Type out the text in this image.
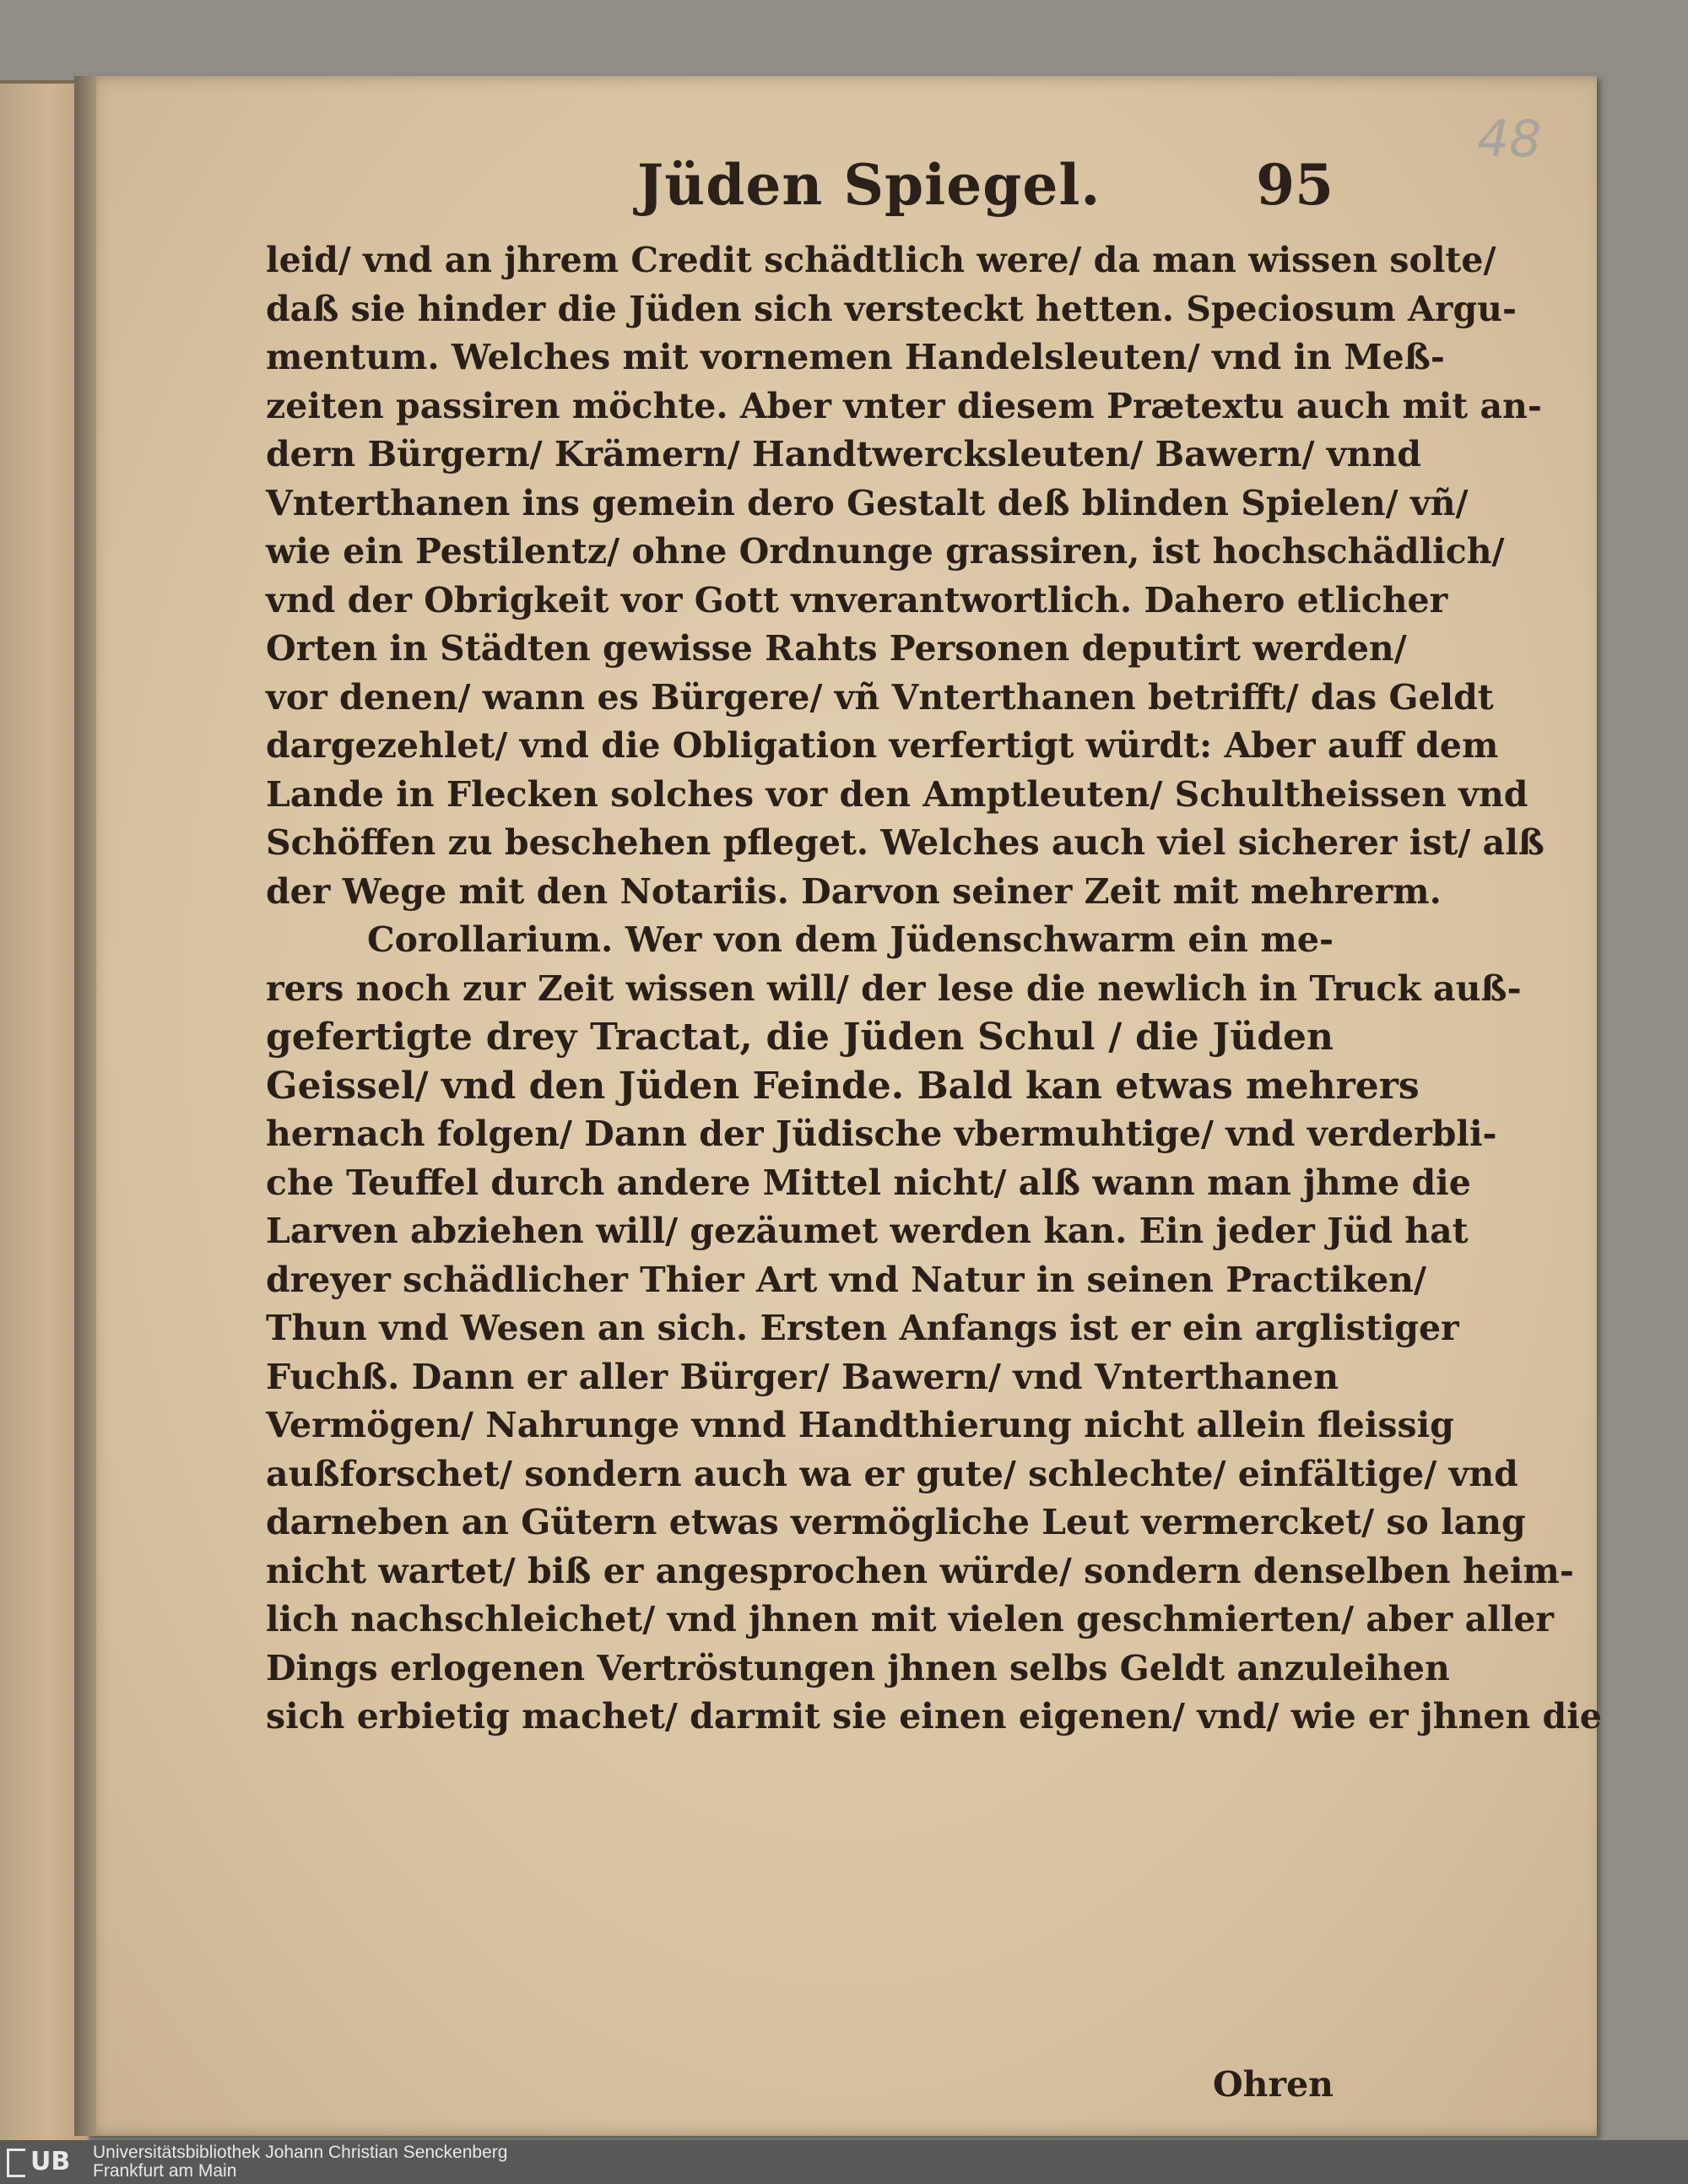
48
Jüden Spiegel.	95
leid/ vnd an jhrem Credit schädtlich were/ da man wissen solte/
daß sie hinder die Jüden sich versteckt hetten. Speciosum Argu-
mentum. Welches mit vornemen Handelsleuten/ vnd in Meß-
zeiten passiren möchte. Aber vnter diesem Prætextu auch mit an-
dern Bürgern/ Krämern/ Handtwercksleuten/ Bawern/ vnnd
Vnterthanen ins gemein dero Gestalt deß blinden Spielen/ vñ/
wie ein Pestilentz/ ohne Ordnunge grassiren, ist hochschädlich/
vnd der Obrigkeit vor Gott vnverantwortlich. Dahero etlicher
Orten in Städten gewisse Rahts Personen deputirt werden/
vor denen/ wann es Bürgere/ vñ Vnterthanen betrifft/ das Geldt
dargezehlet/ vnd die Obligation verfertigt würdt: Aber auff dem
Lande in Flecken solches vor den Amptleuten/ Schultheissen vnd
Schöffen zu beschehen pfleget. Welches auch viel sicherer ist/ alß
der Wege mit den Notariis. Darvon seiner Zeit mit mehrerm.
Corollarium. Wer von dem Jüdenschwarm ein me-
rers noch zur Zeit wissen will/ der lese die newlich in Truck auß-
gefertigte drey Tractat, die Jüden Schul / die Jüden
Geissel/ vnd den Jüden Feinde. Bald kan etwas mehrers
hernach folgen/ Dann der Jüdische vbermuhtige/ vnd verderbli-
che Teuffel durch andere Mittel nicht/ alß wann man jhme die
Larven abziehen will/ gezäumet werden kan. Ein jeder Jüd hat
dreyer schädlicher Thier Art vnd Natur in seinen Practiken/
Thun vnd Wesen an sich. Ersten Anfangs ist er ein arglistiger
Fuchß. Dann er aller Bürger/ Bawern/ vnd Vnterthanen
Vermögen/ Nahrunge vnnd Handthierung nicht allein fleissig
außforschet/ sondern auch wa er gute/ schlechte/ einfältige/ vnd
darneben an Gütern etwas vermögliche Leut vermercket/ so lang
nicht wartet/ biß er angesprochen würde/ sondern denselben heim-
lich nachschleichet/ vnd jhnen mit vielen geschmierten/ aber aller
Dings erlogenen Vertröstungen jhnen selbs Geldt anzuleihen
sich erbietig machet/ darmit sie einen eigenen/ vnd/ wie er jhnen die
Ohren
UB	Universitätsbibliothek Johann Christian Senckenberg
Frankfurt am Main
